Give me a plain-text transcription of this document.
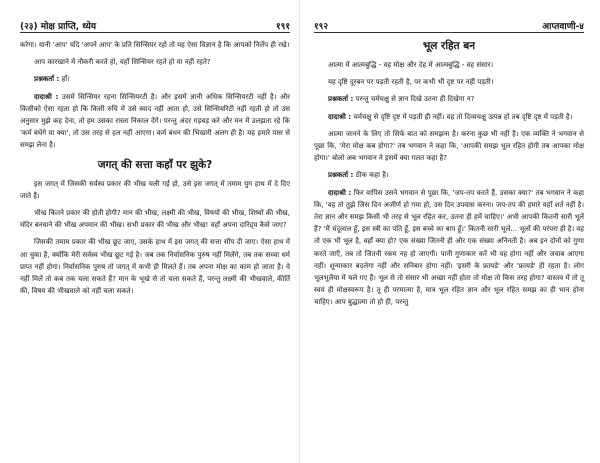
(२३) मोक्ष प्राप्ति, ध्येय	१९१

करेगा। यानी 'आप' यदि 'अपने आप' के प्रति सिन्सियर रहो तो यह ऐसा विज्ञान है कि आपको निर्लेप ही रखे।

आप कारखाने में नौकरी करते हो, वहाँ सिन्सियर रहते हो या नहीं रहते?

प्रश्नकर्ता : हाँ।

दादाश्री : उसमें सिन्सियर रहना सिन्सियरटी है। और इसमें ज्ञानी अधिक सिन्सियरटी नहीं है। और किसीको ऐसा रहता हो कि किसी रुचि में उसे स्वाद नहीं आता हो, उसे सिन्सियरिटी नहीं रहती हो तो उस अनुसार मुझे कह देना, तो हम उसका रास्ता निकाल देंगे। परन्तु अंदर गड़बड़ करे और मन में उलझता रहे कि 'कर्म बंधेंगे या क्या', तो उस तरह से हल नहीं आएगा। कर्म बंधन की भिखारी अलग ही है। यह हमारे पास से समझ लेना है।

जगत् की सत्ता कहाँ पर झुके?

इस जगत् में जिसकी सर्वस्व प्रकार की भीख चली गई हो, उसे इस जगत् में तमाम युग हाथ में दे दिए जाते हैं।

भीख कितने प्रकार की होती होगी? मान की भीख, लक्ष्मी की भीख, विषयों की भीख, शिष्यों की भीख, मंदिर बनवाने की भीख अपमान की भीख। सभी प्रकार की भीख और भीख! वहाँ अपना दारिद्र्य कैसे जाए?

जिसकी तमाम प्रकार की भीख छूट जाए, उसके हाथ में इस जगत् की सत्ता सौंप दी जाए। ऐसा हाथ में आ चुका है, क्योंकि मेरी सर्वस्व भीख छूट गई है। जब तक निर्वासनिक पुरुष नहीं मिलेंगे, तब तक सच्चा धर्म प्राप्त नहीं होगा। निर्वासनिक पुरुष तो जगत् में कभी ही मिलते हैं। तब अपना मोक्ष का काम हो जाता है। वे नहीं मिलें तो कब तक चला सकते हैं? मान के भूखे से तो चला सकते हैं, परन्तु लक्ष्मी की भीखवाले, कीर्ति की, विषय की भीखवाले को नहीं चला सकते।

१९२	आप्तवाणी-४
भूल रहित बन

आत्मा में आत्मबुद्धि - वह मोक्ष और देह में आत्मबुद्धि - वह संसार।

यह दृष्टि दूरबन पर पड़ती रहती है, पर कभी भी दृष्ट पर नहीं पड़ती।

प्रश्नकर्ता : परन्तु चर्मचक्षु से ज्ञान दिखे उतना ही दिखेगा न?

दादाश्री : चर्मचक्षु से दृष्टि दृष्ट में पड़ती ही नहीं। वह तो दिव्यचक्षु उत्पन्न हों तब दृष्टि दृष्ट में पड़ती है।

आत्मा जानने के लिए तो सिर्फ बात को समझना है। करना कुछ भी नहीं है। एक व्यक्ति ने भगवान से पूछा कि, 'मेरा मोक्ष कब होगा?' तब भगवान ने कहा कि, 'आपकी समझ भूल रहित होगी तब आपका मोक्ष होगा।' बोलो अब भगवान ने इसमें क्या गलत कहा है?

प्रश्नकर्ता : ठीक कहा है।

दादाश्री : फिर वापिस उसने भगवान से पूछा कि, 'जप-तप करते हैं, उसका क्या?' तब भगवान ने कहा कि, 'वह तो तुझे जिस दिन अजीर्ण हो गया हो, उस दिन उपवास करना। जप-तप की हमारे यहाँ शर्त नहीं है। तेरा ज्ञान और समझ किसी भी तरह से भूल रहित कर, उतना ही हमें चाहिए।' अभी आपकी कितनी सारी भूलें हैं? 'मैं चंदूलाल हूँ, इस स्त्री का पति हूँ, इस बच्चे का बाप हूँ।' कितनी सारी भूलें... भूलों की परंपरा ही है। वह तो एक भी भूल है, वहाँ क्या हो? एक संख्या जितनी ही और एक संख्या अनिनती है। अब इन दोनों को गुणा करते जाएँ, तब तो जितनी रकम नह हो जाएगी। पानी गुणाकार करें भी वह होगा नहीं और जवाब आएगा नहीं। शून्याकार बदलेगा नहीं और सनिबार होगा नहीं। 'इसरी के फ्रायडे' और 'फ्रायडे' ही रहता है। लोग भूलभूलैया में चले गए हैं। भूल से तो संसार भी अच्छा नहीं होता तो मोक्ष तो किस तरह होगा? वास्तव में तो तू स्वयं ही मोक्षस्वरूप है। तू ही परमात्मा है, मात्र भूल रहित ज्ञान और भूल रहित समझ का ही भान होना चाहिए। आप बुद्धात्मा तो हो ही, परन्तु
